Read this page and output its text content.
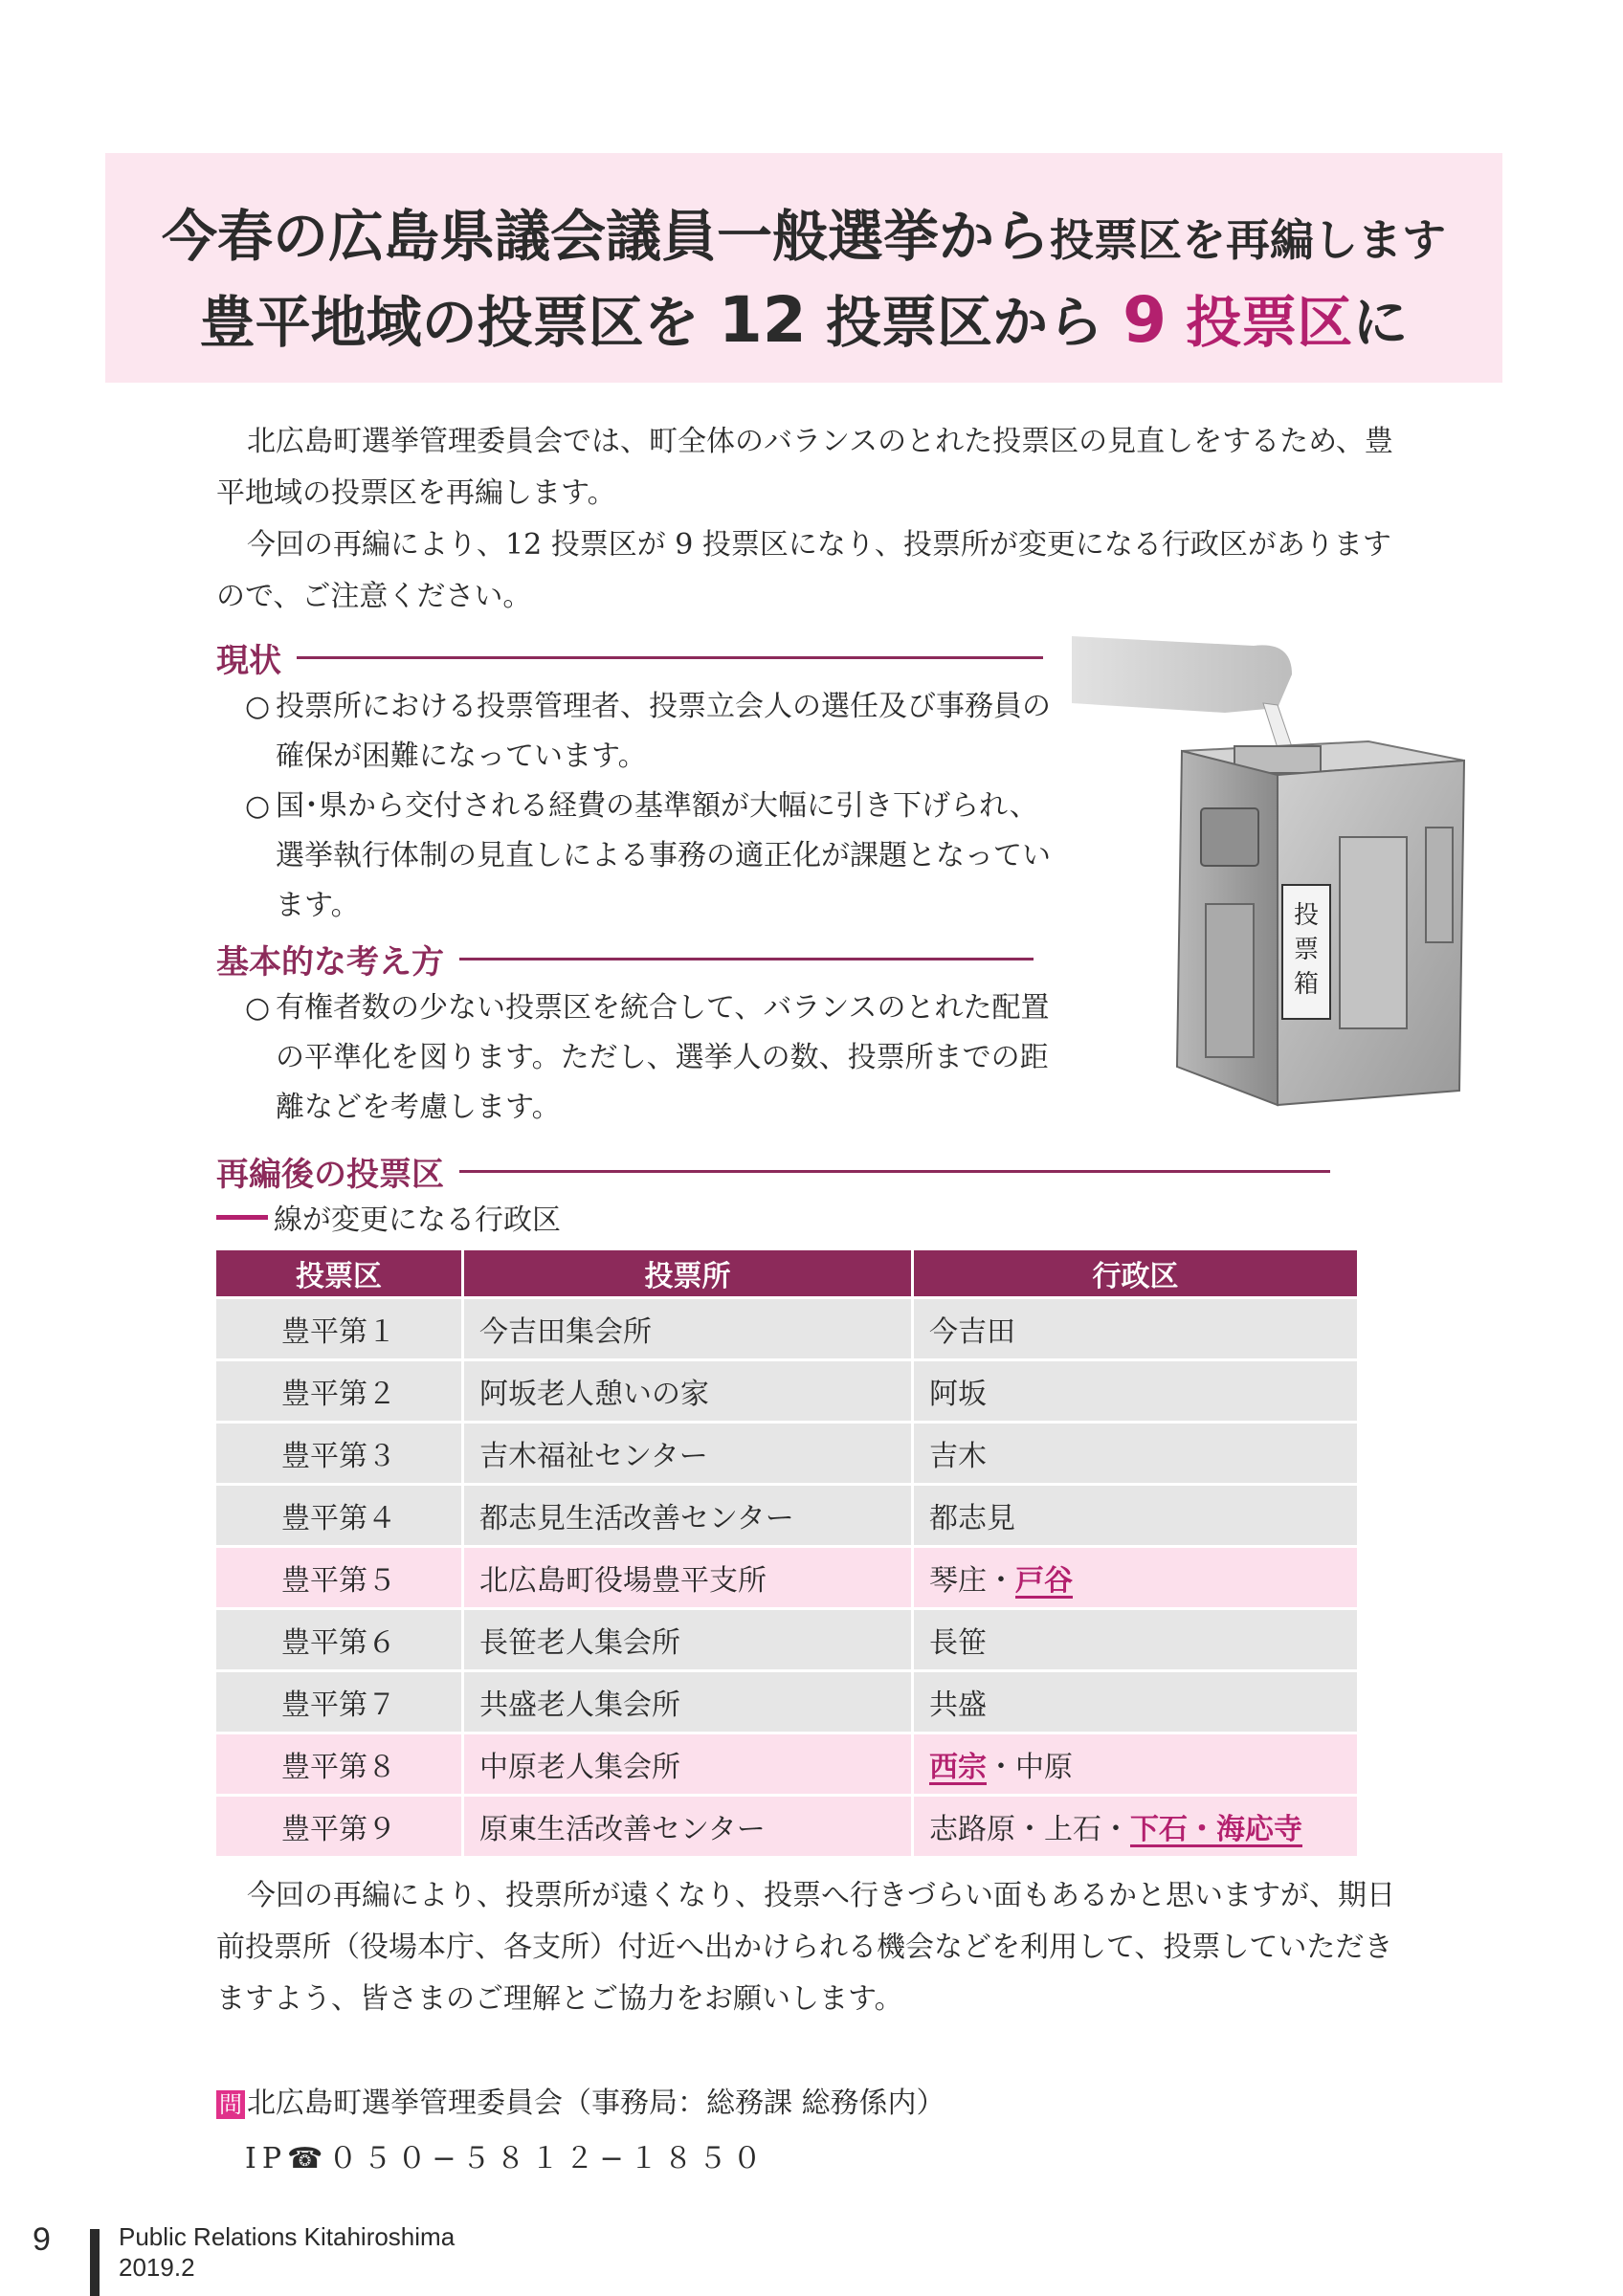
今春の広島県議会議員一般選挙から投票区を再編します
豊平地域の投票区を 12 投票区から 9 投票区に

北広島町選挙管理委員会では、町全体のバランスのとれた投票区の見直しをするため、豊平地域の投票区を再編します。

今回の再編により、12 投票区が 9 投票区になり、投票所が変更になる行政区がありますので、ご注意ください。

現状
○ 投票所における投票管理者、投票立会人の選任及び事務員の確保が困難になっています。
○ 国･県から交付される経費の基準額が大幅に引き下げられ、選挙執行体制の見直しによる事務の適正化が課題となっています。
基本的な考え方
○ 有権者数の少ない投票区を統合して、バランスのとれた配置の平準化を図ります。ただし、選挙人の数、投票所までの距離などを考慮します。
投
票
箱
再編後の投票区
線が変更になる行政区
投票区	投票所	行政区
豊平第１	今吉田集会所	今吉田
豊平第２	阿坂老人憩いの家	阿坂
豊平第３	吉木福祉センター	吉木
豊平第４	都志見生活改善センター	都志見
豊平第５	北広島町役場豊平支所	琴庄・戸谷
豊平第６	長笹老人集会所	長笹
豊平第７	共盛老人集会所	共盛
豊平第８	中原老人集会所	西宗・中原
豊平第９	原東生活改善センター	志路原・上石・下石・海応寺

今回の再編により、投票所が遠くなり、投票へ行きづらい面もあるかと思いますが、期日前投票所（役場本庁、各支所）付近へ出かけられる機会などを利用して、投票していただきますよう、皆さまのご理解とご協力をお願いします。

問 北広島町選挙管理委員会（事務局：総務課 総務係内）
IP☎０５０−５８１２−１８５０
9	Public Relations Kitahiroshima
2019.2
